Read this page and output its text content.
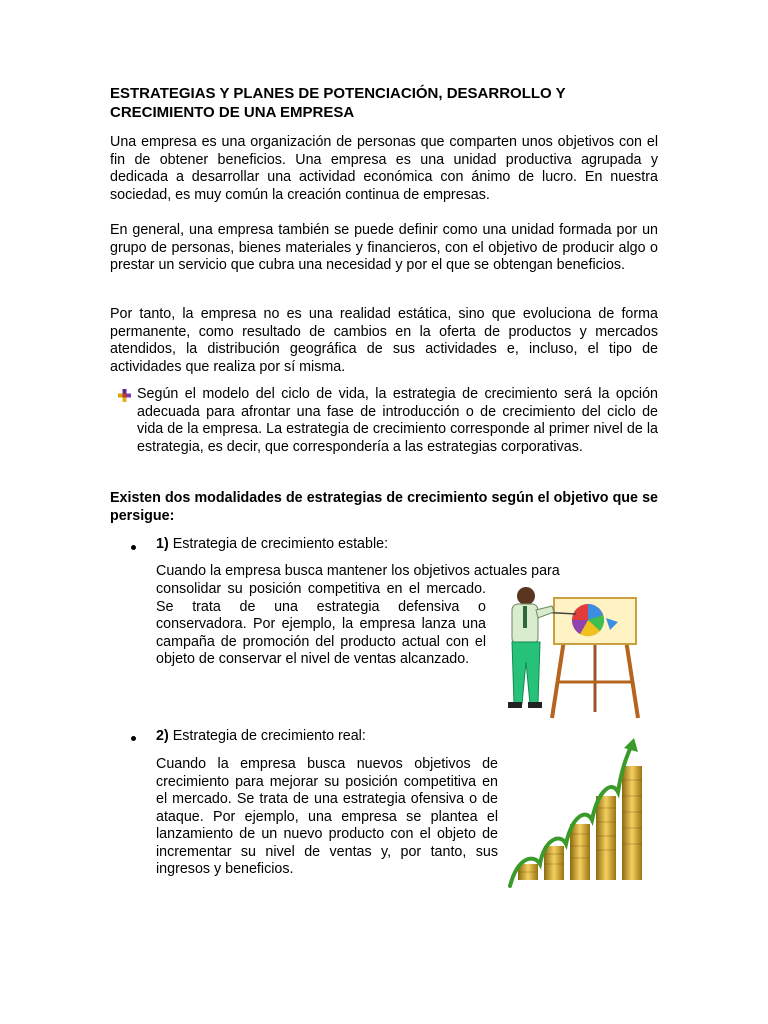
ESTRATEGIAS Y PLANES DE POTENCIACIÓN, DESARROLLO Y CRECIMIENTO DE UNA EMPRESA

Una empresa es una organización de personas que comparten unos objetivos con el fin de obtener beneficios. Una empresa es una unidad productiva agrupada y dedicada a desarrollar una actividad económica con ánimo de lucro. En nuestra sociedad, es muy común la creación continua de empresas.

En general, una empresa también se puede definir como una unidad formada por un grupo de personas, bienes materiales y financieros, con el objetivo de producir algo o prestar un servicio que cubra una necesidad y por el que se obtengan beneficios.

Por tanto, la empresa no es una realidad estática, sino que evoluciona de forma permanente, como resultado de cambios en la oferta de productos y mercados atendidos, la distribución geográfica de sus actividades e, incluso, el tipo de actividades que realiza por sí misma.

Según el modelo del ciclo de vida, la estrategia de crecimiento será la opción adecuada para afrontar una fase de introducción o de crecimiento del ciclo de vida de la empresa. La estrategia de crecimiento corresponde al primer nivel de la estrategia, es decir, que correspondería a las estrategias corporativas.

Existen dos modalidades de estrategias de crecimiento según el objetivo que se persigue:

1) Estrategia de crecimiento estable:

Cuando la empresa busca mantener los objetivos actuales para

consolidar su posición competitiva en el mercado. Se trata de una estrategia defensiva o conservadora. Por ejemplo, la empresa lanza una campaña de promoción del producto actual con el objeto de conservar el nivel de ventas alcanzado.

2) Estrategia de crecimiento real:

Cuando la empresa busca nuevos objetivos de crecimiento para mejorar su posición competitiva en el mercado. Se trata de una estrategia ofensiva o de ataque. Por ejemplo, una empresa se plantea el lanzamiento de un nuevo producto con el objeto de incrementar su nivel de ventas y, por tanto, sus ingresos y beneficios.
